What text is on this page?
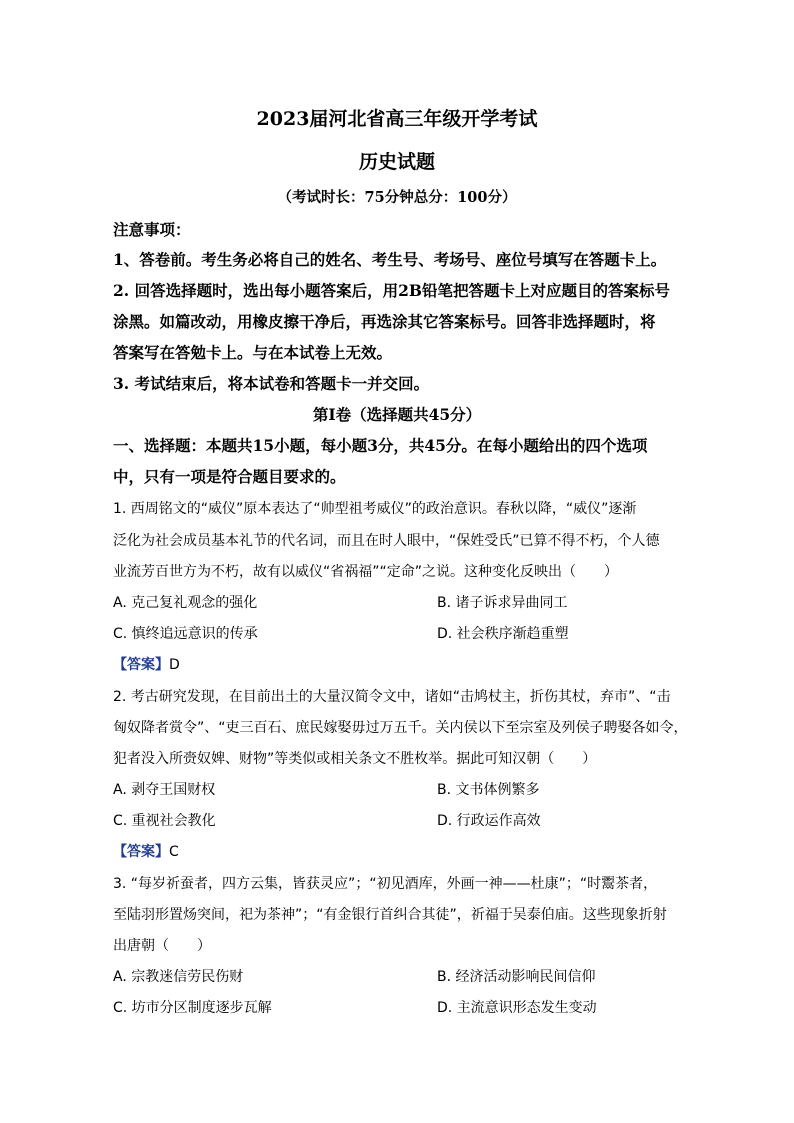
2023届河北省高三年级开学考试
历史试题
（考试时长：75分钟总分：100分）
注意事项：
1、答卷前。考生务必将自己的姓名、考生号、考场号、座位号填写在答题卡上。
2. 回答选择题时，选出每小题答案后，用2B铅笔把答题卡上对应题目的答案标号
涂黑。如篇改动，用橡皮擦干净后，再选涂其它答案标号。回答非选择题时，将
答案写在答勉卡上。与在本试卷上无效。
3. 考试结束后，将本试卷和答题卡一并交回。
第I卷（选择题共45分）
一、选择题：本题共15小题，每小题3分，共45分。在每小题给出的四个选项
中，只有一项是符合题目要求的。
1. 西周铭文的“威仪”原本表达了“帅型祖考威仪”的政治意识。春秋以降，“威仪”逐渐
泛化为社会成员基本礼节的代名词，而且在时人眼中，“保姓受氏”已算不得不朽，个人德
业流芳百世方为不朽，故有以威仪“省祸福”“定命”之说。这种变化反映出（　　）
A. 克己复礼观念的强化	B. 诸子诉求异曲同工
C. 慎终追远意识的传承	D. 社会秩序渐趋重塑
【答案】D
2. 考古研究发现，在目前出土的大量汉简令文中，诸如“击鸠杖主，折伤其杖，弃市”、“击
匈奴降者赏令”、“吏三百石、庶民嫁娶毋过万五千。关内侯以下至宗室及列侯子聘娶各如令，
犯者没入所赍奴婢、财物”等类似或相关条文不胜枚举。据此可知汉朝（　　）
A. 剥夺王国财权	B. 文书体例繁多
C. 重视社会教化	D. 行政运作高效
【答案】C
3. “每岁祈蚕者，四方云集，皆获灵应”；“初见酒库，外画一神——杜康”；“时鬻茶者，
至陆羽形置炀突间，祀为茶神”；“有金银行首纠合其徒”，祈福于吴泰伯庙。这些现象折射
出唐朝（　　）
A. 宗教迷信劳民伤财	B. 经济活动影响民间信仰
C. 坊市分区制度逐步瓦解	D. 主流意识形态发生变动
